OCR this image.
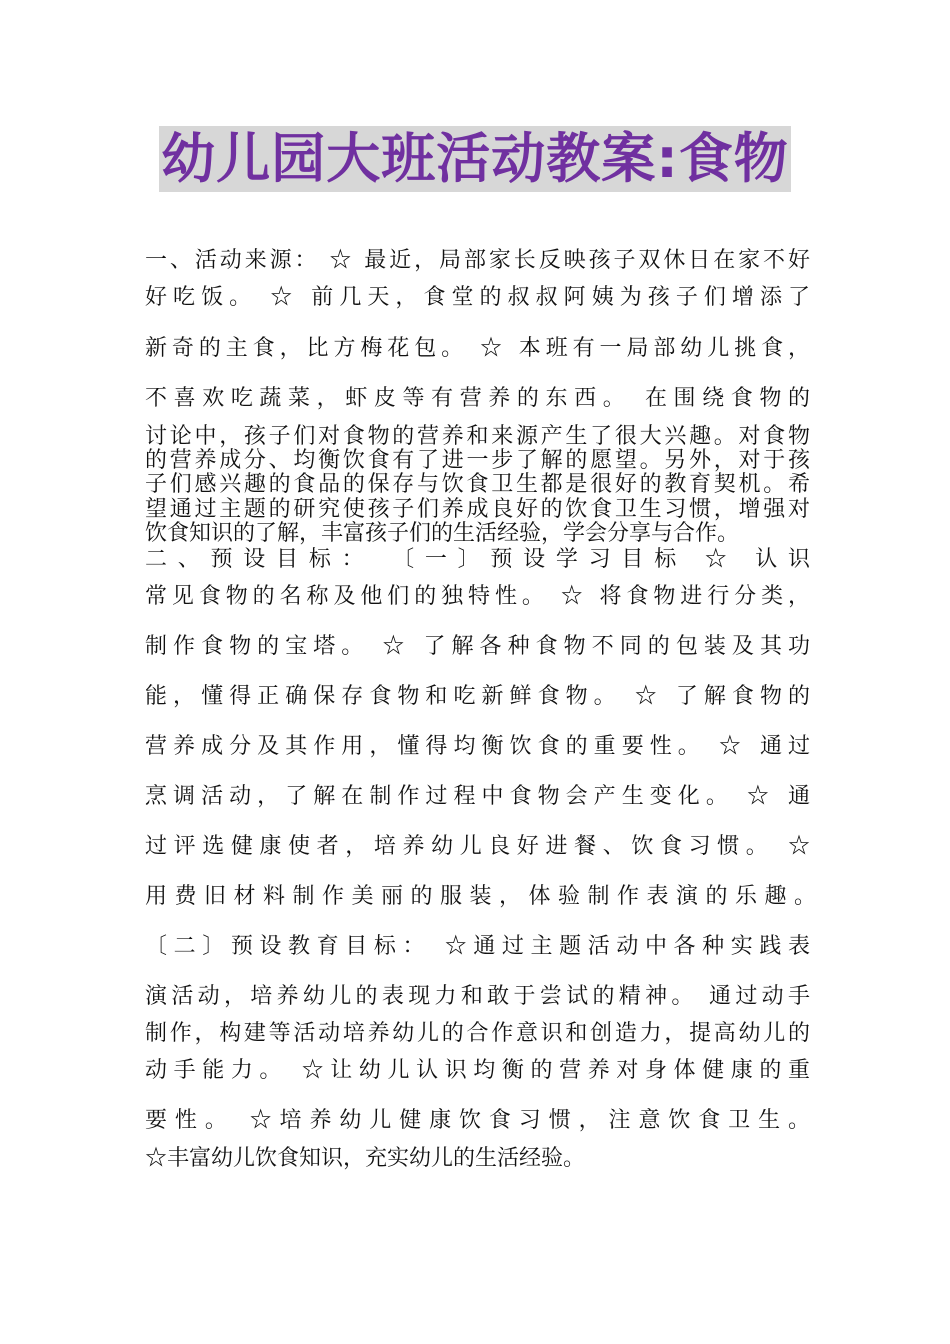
幼儿园大班活动教案:食物
一、活动来源： ☆ 最近，局部家长反映孩子双休日在家不好
好吃饭。 ☆ 前几天，食堂的叔叔阿姨为孩子们增添了
新奇的主食，比方梅花包。 ☆ 本班有一局部幼儿挑食，
不喜欢吃蔬菜，虾皮等有营养的东西。 在围绕食物的
讨论中，孩子们对食物的营养和来源产生了很大兴趣。对食物
的营养成分、均衡饮食有了进一步了解的愿望。另外，对于孩
子们感兴趣的食品的保存与饮食卫生都是很好的教育契机。希
望通过主题的研究使孩子们养成良好的饮食卫生习惯，增强对
饮食知识的了解，丰富孩子们的生活经验，学会分享与合作。
二、预设目标： 〔一〕预设学习目标 ☆ 认识
常见食物的名称及他们的独特性。 ☆ 将食物进行分类，
制作食物的宝塔。 ☆ 了解各种食物不同的包装及其功
能，懂得正确保存食物和吃新鲜食物。 ☆ 了解食物的
营养成分及其作用，懂得均衡饮食的重要性。 ☆ 通过
烹调活动，了解在制作过程中食物会产生变化。 ☆ 通
过评选健康使者，培养幼儿良好进餐、饮食习惯。 ☆
用费旧材料制作美丽的服装，体验制作表演的乐趣。
〔二〕预设教育目标： ☆通过主题活动中各种实践表
演活动，培养幼儿的表现力和敢于尝试的精神。 通过动手
制作，构建等活动培养幼儿的合作意识和创造力，提高幼儿的
动手能力。 ☆让幼儿认识均衡的营养对身体健康的重
要性。 ☆培养幼儿健康饮食习惯，注意饮食卫生。
☆丰富幼儿饮食知识，充实幼儿的生活经验。
